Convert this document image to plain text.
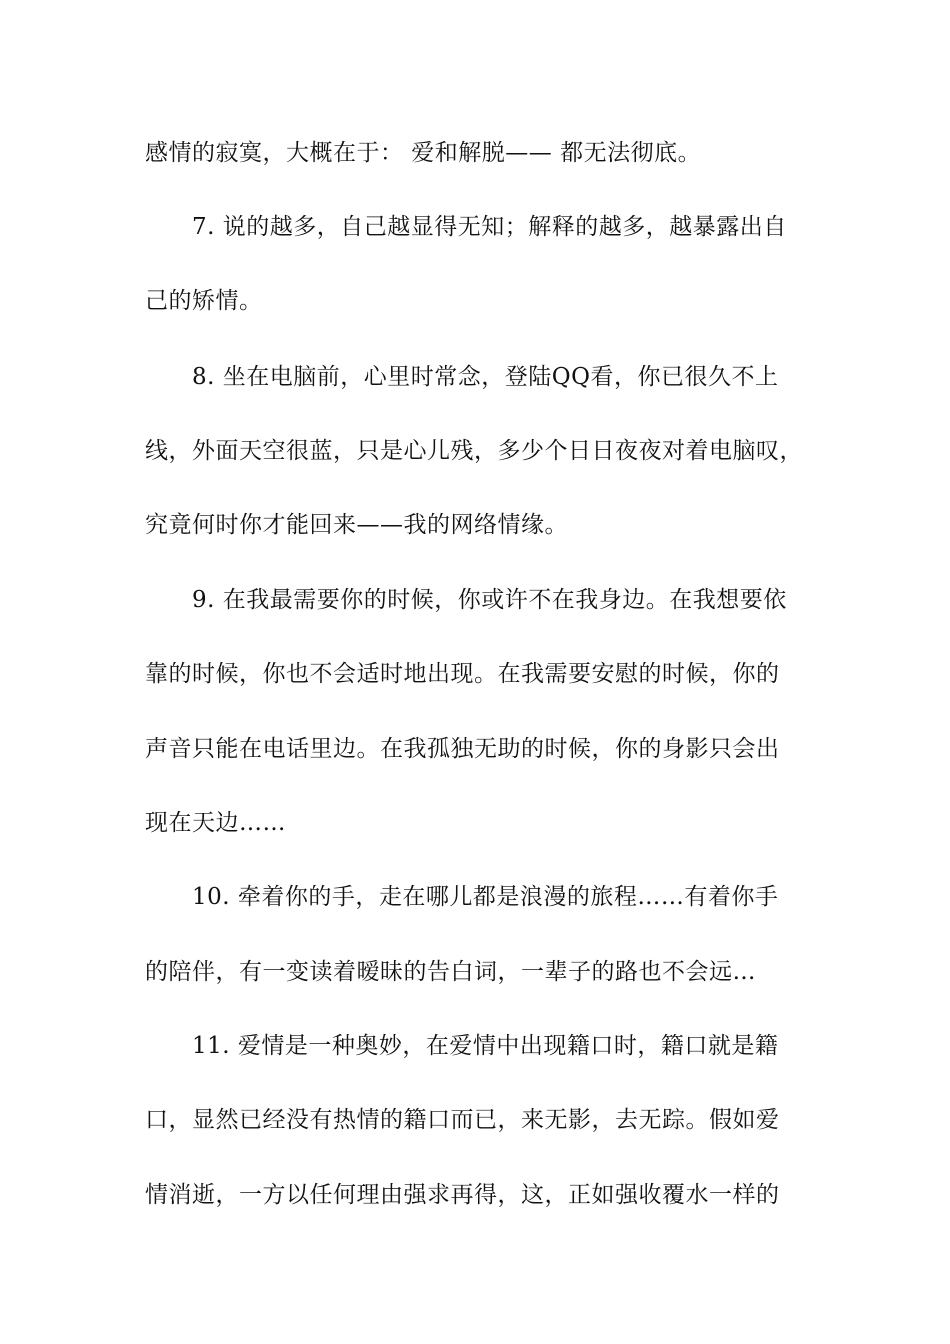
感情的寂寞，大概在于： 爱和解脱—— 都无法彻底。
7. 说的越多，自己越显得无知；解释的越多，越暴露出自
己的矫情。
8. 坐在电脑前，心里时常念，登陆QQ看，你已很久不上
线，外面天空很蓝，只是心儿残，多少个日日夜夜对着电脑叹，
究竟何时你才能回来——我的网络情缘。
9. 在我最需要你的时候，你或许不在我身边。在我想要依
靠的时候，你也不会适时地出现。在我需要安慰的时候，你的
声音只能在电话里边。在我孤独无助的时候，你的身影只会出
现在天边……
10. 牵着你的手，走在哪儿都是浪漫的旅程……有着你手
的陪伴，有一变读着暧昧的告白词，一辈子的路也不会远…
11. 爱情是一种奥妙，在爱情中出现籍口时，籍口就是籍
口，显然已经没有热情的籍口而已，来无影，去无踪。假如爱
情消逝，一方以任何理由强求再得，这，正如强收覆水一样的
